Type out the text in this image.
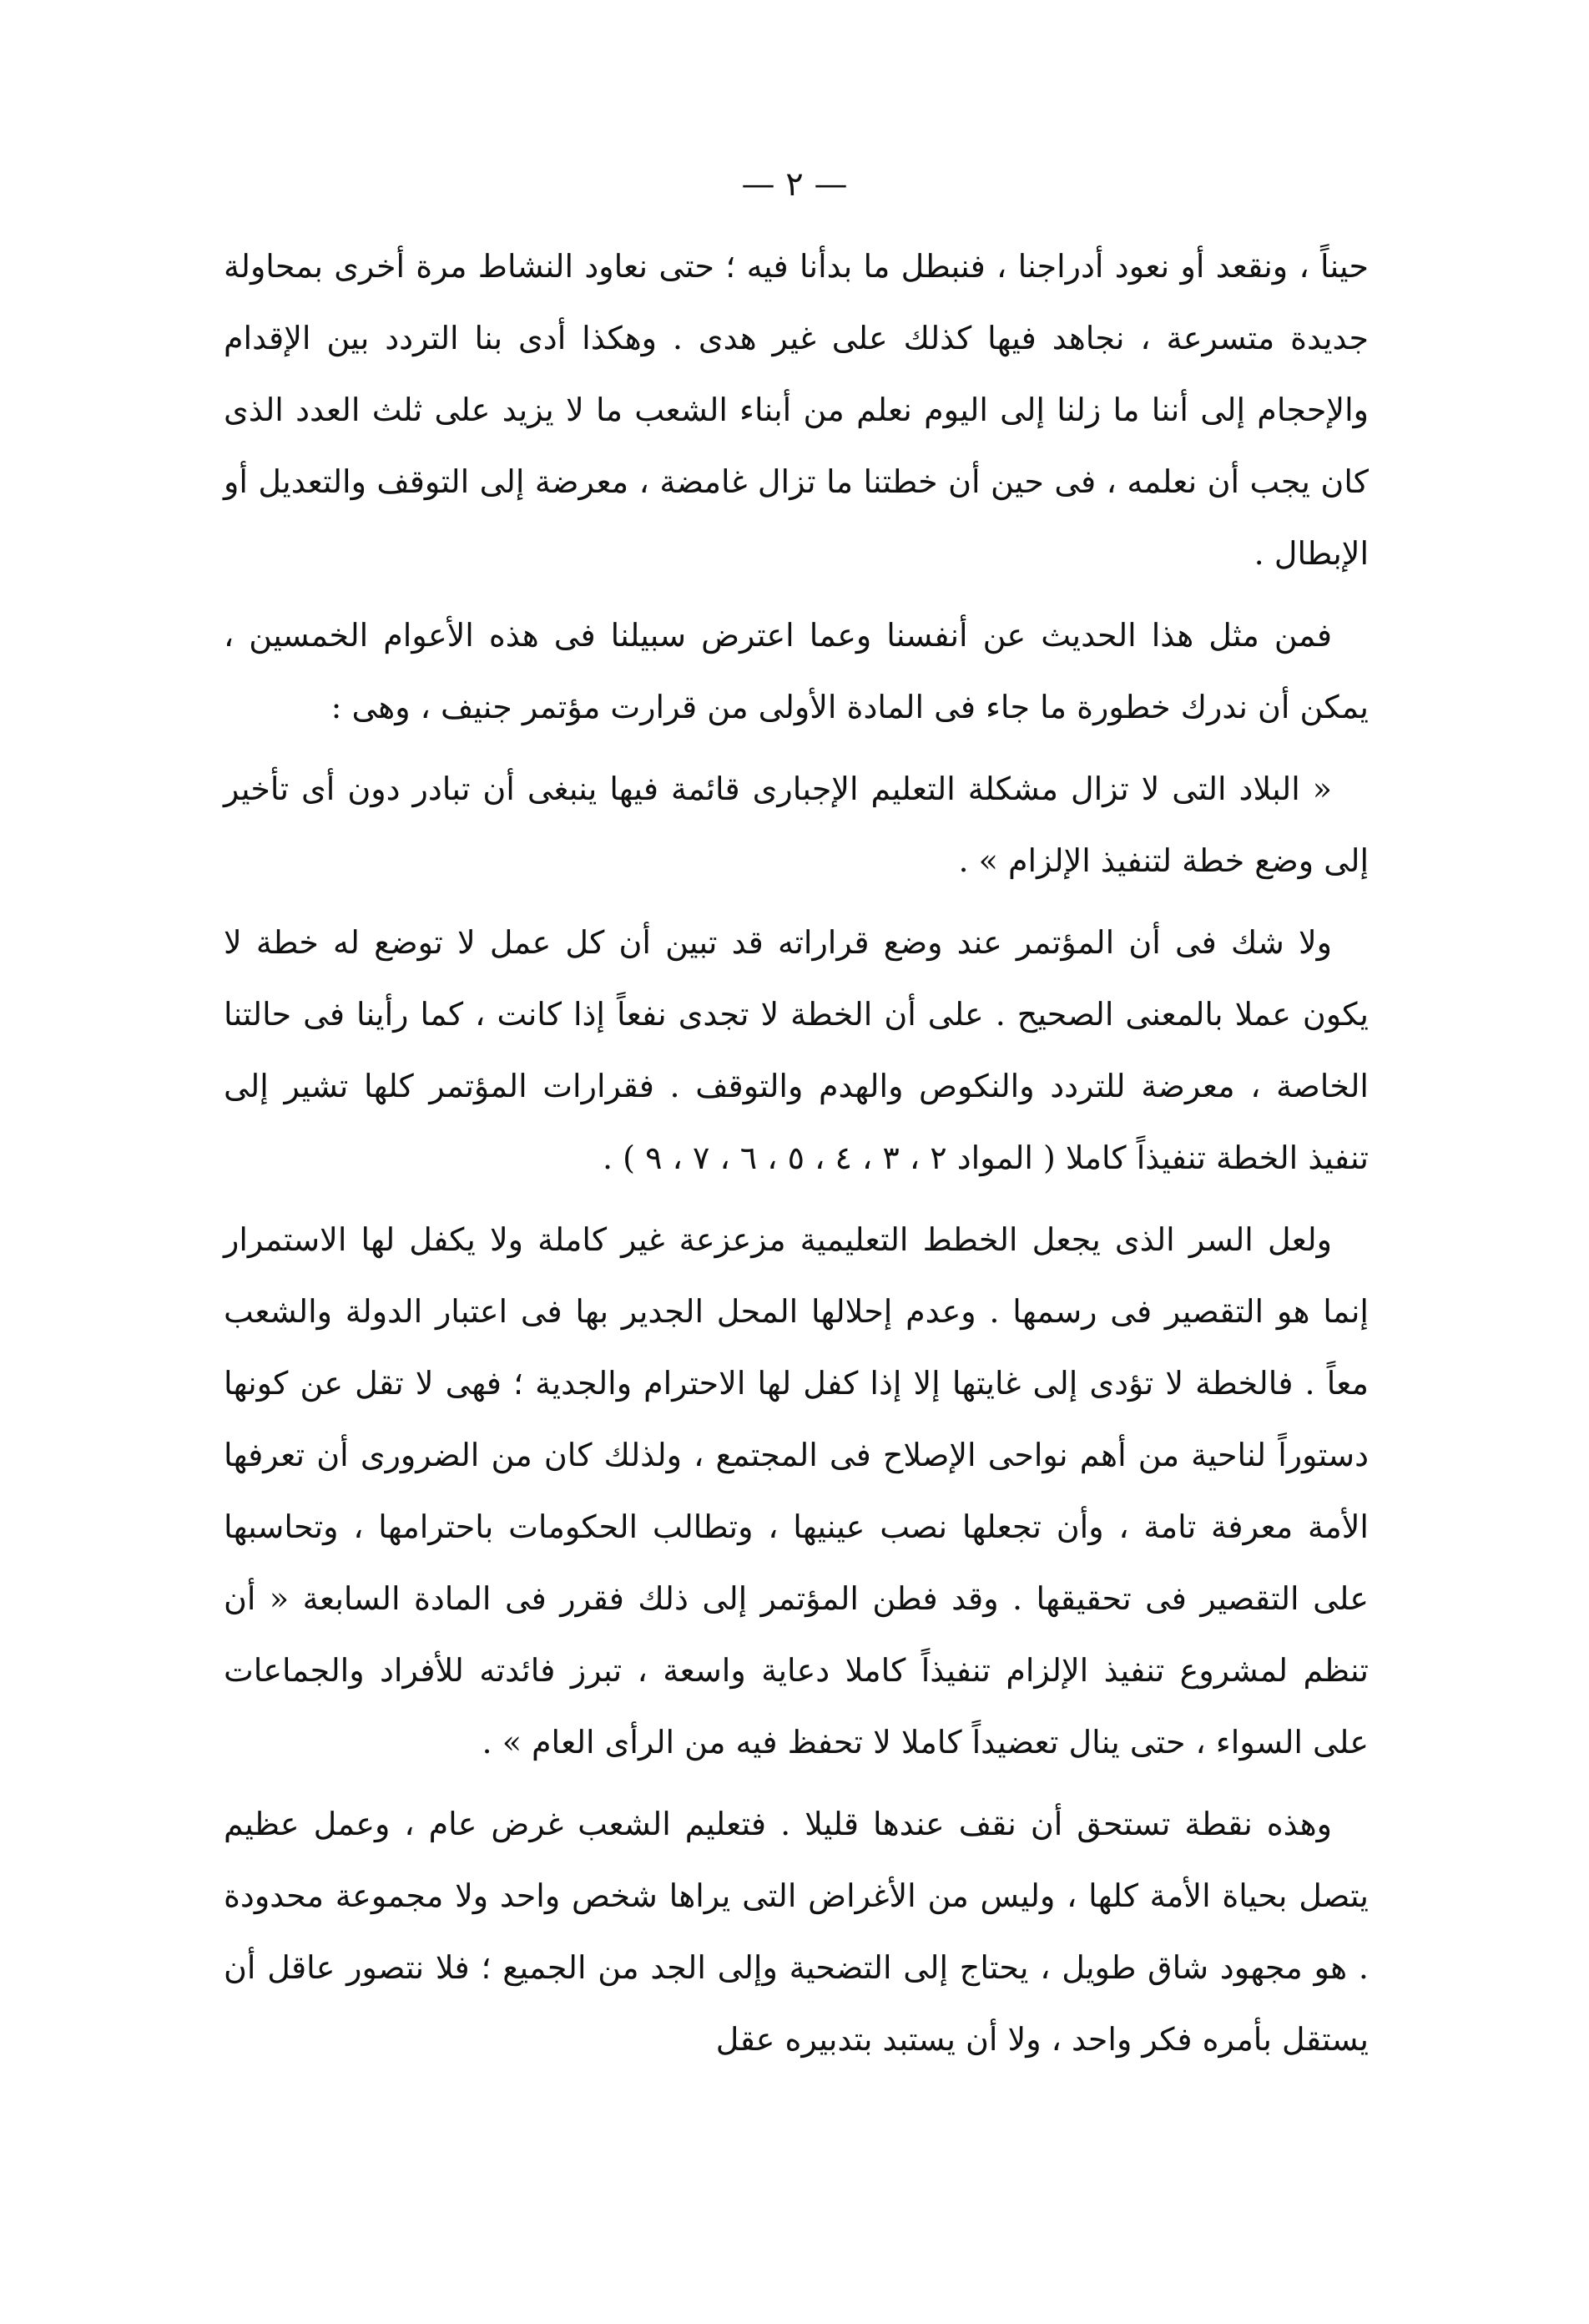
— ٢ —

حيناً ، ونقعد أو نعود أدراجنا ، فنبطل ما بدأنا فيه ؛ حتى نعاود النشاط مرة أخرى بمحاولة جديدة متسرعة ، نجاهد فيها كذلك على غير هدى . وهكذا أدى بنا التردد بين الإقدام والإحجام إلى أننا ما زلنا إلى اليوم نعلم من أبناء الشعب ما لا يزيد على ثلث العدد الذى كان يجب أن نعلمه ، فى حين أن خطتنا ما تزال غامضة ، معرضة إلى التوقف والتعديل أو الإبطال .

فمن مثل هذا الحديث عن أنفسنا وعما اعترض سبيلنا فى هذه الأعوام الخمسين ، يمكن أن ندرك خطورة ما جاء فى المادة الأولى من قرارت مؤتمر جنيف ، وهى :

« البلاد التى لا تزال مشكلة التعليم الإجبارى قائمة فيها ينبغى أن تبادر دون أى تأخير إلى وضع خطة لتنفيذ الإلزام » .

ولا شك فى أن المؤتمر عند وضع قراراته قد تبين أن كل عمل لا توضع له خطة لا يكون عملا بالمعنى الصحيح . على أن الخطة لا تجدى نفعاً إذا كانت ، كما رأينا فى حالتنا الخاصة ، معرضة للتردد والنكوص والهدم والتوقف . فقرارات المؤتمر كلها تشير إلى تنفيذ الخطة تنفيذاً كاملا ( المواد ٢ ، ٣ ، ٤ ، ٥ ، ٦ ، ٧ ، ٩ ) .

ولعل السر الذى يجعل الخطط التعليمية مزعزعة غير كاملة ولا يكفل لها الاستمرار إنما هو التقصير فى رسمها . وعدم إحلالها المحل الجدير بها فى اعتبار الدولة والشعب معاً . فالخطة لا تؤدى إلى غايتها إلا إذا كفل لها الاحترام والجدية ؛ فهى لا تقل عن كونها دستوراً لناحية من أهم نواحى الإصلاح فى المجتمع ، ولذلك كان من الضرورى أن تعرفها الأمة معرفة تامة ، وأن تجعلها نصب عينيها ، وتطالب الحكومات باحترامها ، وتحاسبها على التقصير فى تحقيقها . وقد فطن المؤتمر إلى ذلك فقرر فى المادة السابعة « أن تنظم لمشروع تنفيذ الإلزام تنفيذاً كاملا دعاية واسعة ، تبرز فائدته للأفراد والجماعات على السواء ، حتى ينال تعضيداً كاملا لا تحفظ فيه من الرأى العام » .

وهذه نقطة تستحق أن نقف عندها قليلا . فتعليم الشعب غرض عام ، وعمل عظيم يتصل بحياة الأمة كلها ، وليس من الأغراض التى يراها شخص واحد ولا مجموعة محدودة . هو مجهود شاق طويل ، يحتاج إلى التضحية وإلى الجد من الجميع ؛ فلا نتصور عاقل أن يستقل بأمره فكر واحد ، ولا أن يستبد بتدبيره عقل
